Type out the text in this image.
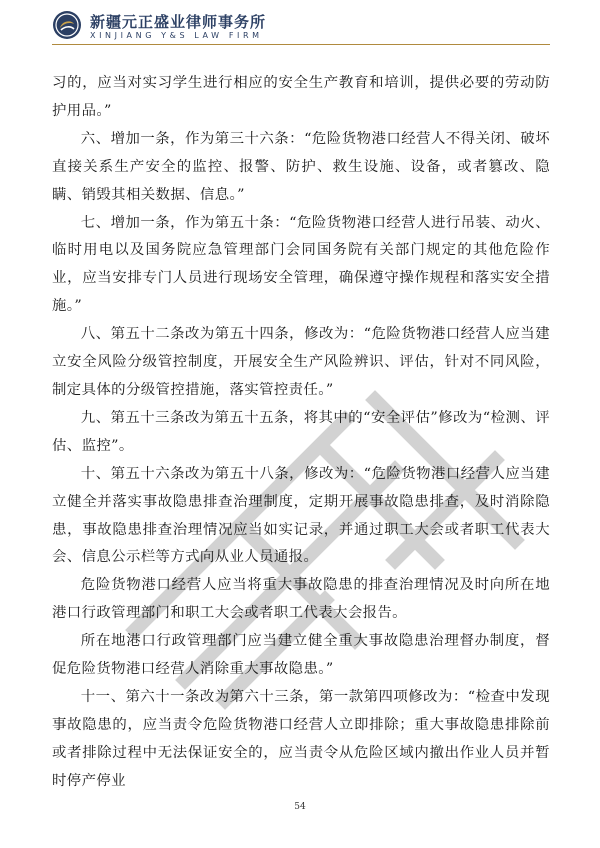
新疆元正盛业律师事务所
XINJIANG Y&S LAW FIRM

习的，应当对实习学生进行相应的安全生产教育和培训，提供必要的劳动防护用品。”

六、增加一条，作为第三十六条：“危险货物港口经营人不得关闭、破坏直接关系生产安全的监控、报警、防护、救生设施、设备，或者篡改、隐瞒、销毁其相关数据、信息。”

七、增加一条，作为第五十条：“危险货物港口经营人进行吊装、动火、临时用电以及国务院应急管理部门会同国务院有关部门规定的其他危险作业，应当安排专门人员进行现场安全管理，确保遵守操作规程和落实安全措施。”

八、第五十二条改为第五十四条，修改为：“危险货物港口经营人应当建立安全风险分级管控制度，开展安全生产风险辨识、评估，针对不同风险，制定具体的分级管控措施，落实管控责任。”

九、第五十三条改为第五十五条，将其中的“安全评估”修改为“检测、评估、监控”。

十、第五十六条改为第五十八条，修改为：“危险货物港口经营人应当建立健全并落实事故隐患排查治理制度，定期开展事故隐患排查，及时消除隐患，事故隐患排查治理情况应当如实记录，并通过职工大会或者职工代表大会、信息公示栏等方式向从业人员通报。

危险货物港口经营人应当将重大事故隐患的排查治理情况及时向所在地港口行政管理部门和职工大会或者职工代表大会报告。

所在地港口行政管理部门应当建立健全重大事故隐患治理督办制度，督促危险货物港口经营人消除重大事故隐患。”

十一、第六十一条改为第六十三条，第一款第四项修改为：“检查中发现事故隐患的，应当责令危险货物港口经营人立即排除；重大事故隐患排除前或者排除过程中无法保证安全的，应当责令从危险区域内撤出作业人员并暂时停产停业

54
